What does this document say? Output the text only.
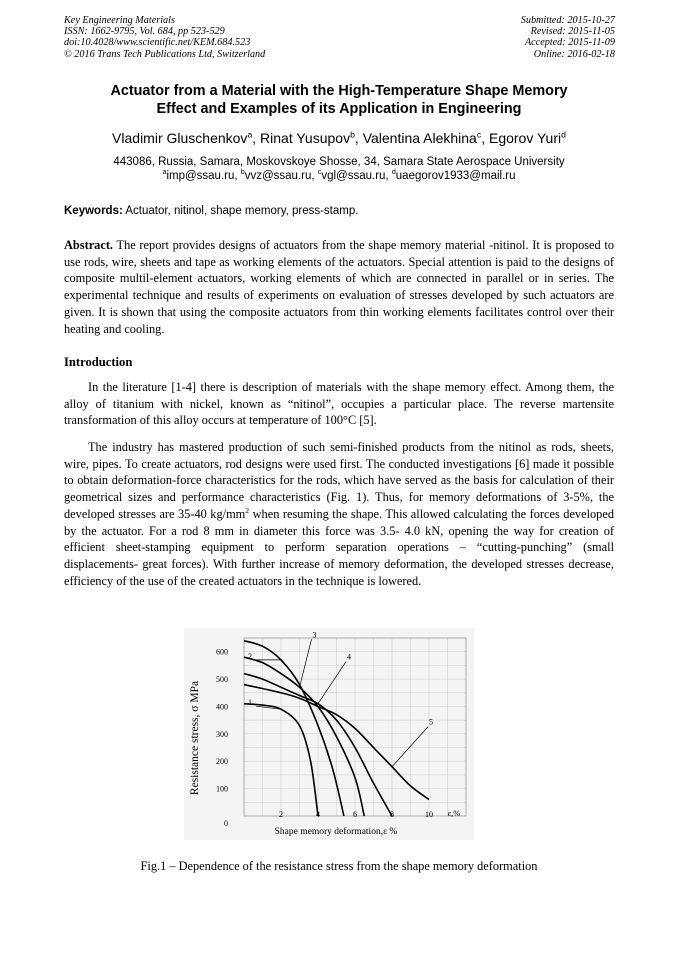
Key Engineering Materials
ISSN: 1662-9795, Vol. 684, pp 523-529
doi:10.4028/www.scientific.net/KEM.684.523
© 2016 Trans Tech Publications Ltd, Switzerland
Submitted: 2015-10-27
Revised: 2015-11-05
Accepted: 2015-11-09
Online: 2016-02-18
Actuator from a Material with the High-Temperature Shape Memory
Effect and Examples of its Application in Engineering
Vladimir Gluschenkov$^a$, Rinat Yusupov$^b$, Valentina Alekhina$^c$, Egorov Yuri$^d$
443086, Russia, Samara, Moskovskoye Shosse, 34, Samara State Aerospace University
$^a$imp@ssau.ru, $^b$vvz@ssau.ru, $^c$vgl@ssau.ru, $^d$uaegorov1933@mail.ru
Keywords: Actuator, nitinol, shape memory, press-stamp.
Abstract. The report provides designs of actuators from the shape memory material -nitinol. It is proposed to use rods, wire, sheets and tape as working elements of the actuators. Special attention is paid to the designs of composite multil-element actuators, working elements of which are connected in parallel or in series. The experimental technique and results of experiments on evaluation of stresses developed by such actuators are given. It is shown that using the composite actuators from thin working elements facilitates control over their heating and cooling.
Introduction
In the literature [1-4] there is description of materials with the shape memory effect. Among them, the alloy of titanium with nickel, known as “nitinol”, occupies a particular place. The reverse martensite transformation of this alloy occurs at temperature of 100°C [5].
The industry has mastered production of such semi-finished products from the nitinol as rods, sheets, wire, pipes. To create actuators, rod designs were used first. The conducted investigations [6] made it possible to obtain deformation-force characteristics for the rods, which have served as the basis for calculation of their geometrical sizes and performance characteristics (Fig. 1). Thus, for memory deformations of 3-5%, the developed stresses are 35-40 $kg/mm^2$ when resuming the shape. This allowed calculating the forces developed by the actuator. For a rod 8 mm in diameter this force was 3.5- 4.0 kN, opening the way for creation of efficient sheet-stamping equipment to perform separation operations – “cutting-punching” (small displacements- great forces). With further increase of memory deformation, the developed stresses decrease, efficiency of the use of the created actuators in the technique is lowered.
0
100
200
300
400
500
600
2	4	6	8	10
1
2
3
4
5
Resistance stress, σ MPa
Shape memory deformation,ε %
ε,%
Fig.1 – Dependence of the resistance stress from the shape memory deformation
